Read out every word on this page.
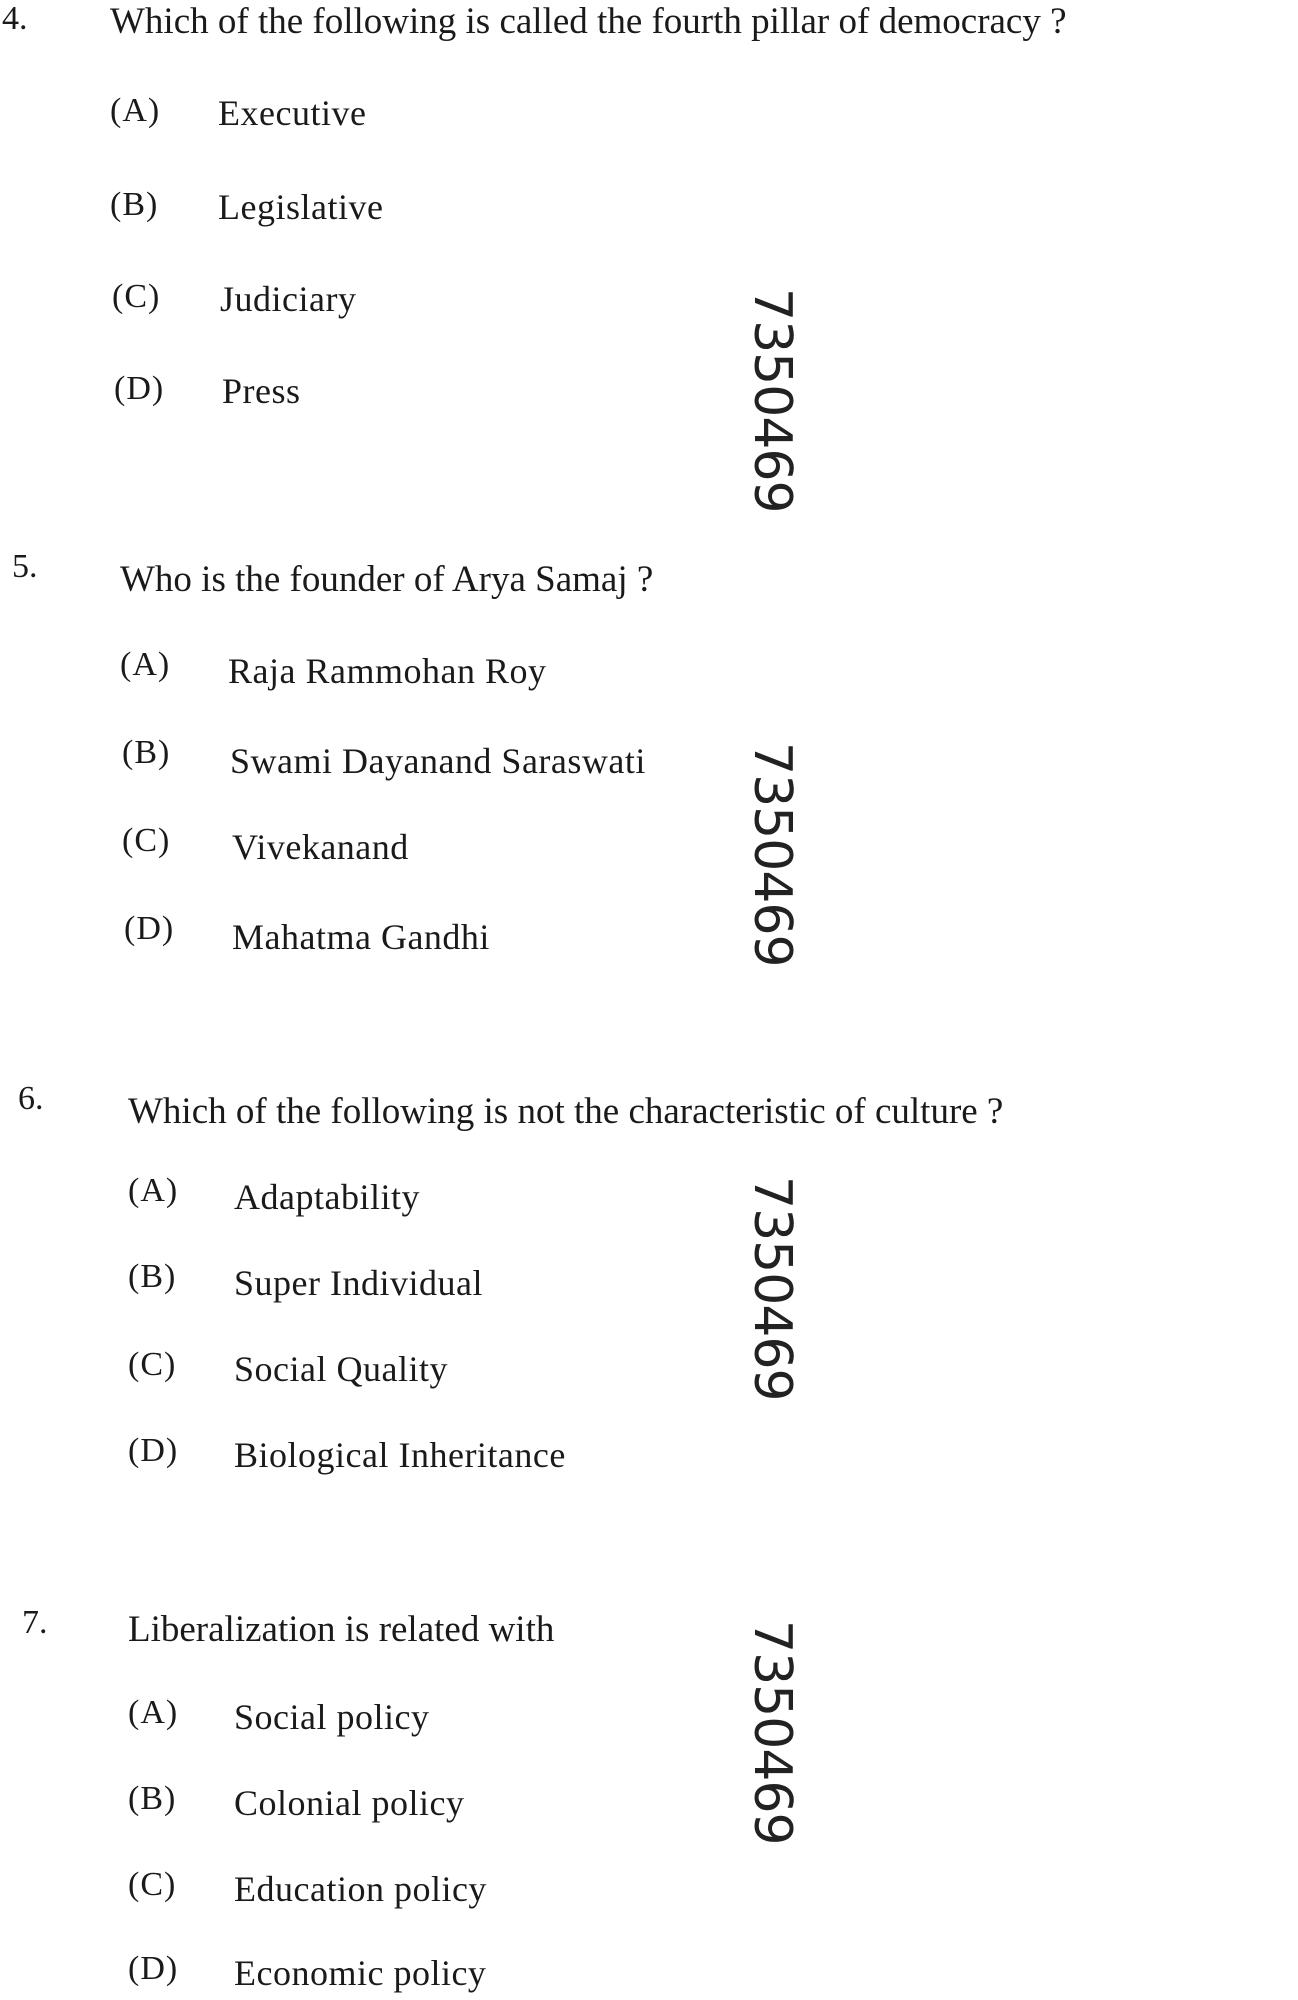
4. Which of the following is called the fourth pillar of democracy ?
(A) Executive
(B) Legislative
(C) Judiciary
(D) Press	7350469
5. Who is the founder of Arya Samaj ?
(A) Raja Rammohan Roy
(B) Swami Dayanand Saraswati
(C) Vivekanand
(D) Mahatma Gandhi	7350469
6. Which of the following is not the characteristic of culture ?
(A) Adaptability
(B) Super Individual
(C) Social Quality
(D) Biological Inheritance
7350469
7. Liberalization is related with
(A) Social policy
(B) Colonial policy
(C) Education policy
(D) Economic policy
7350469
